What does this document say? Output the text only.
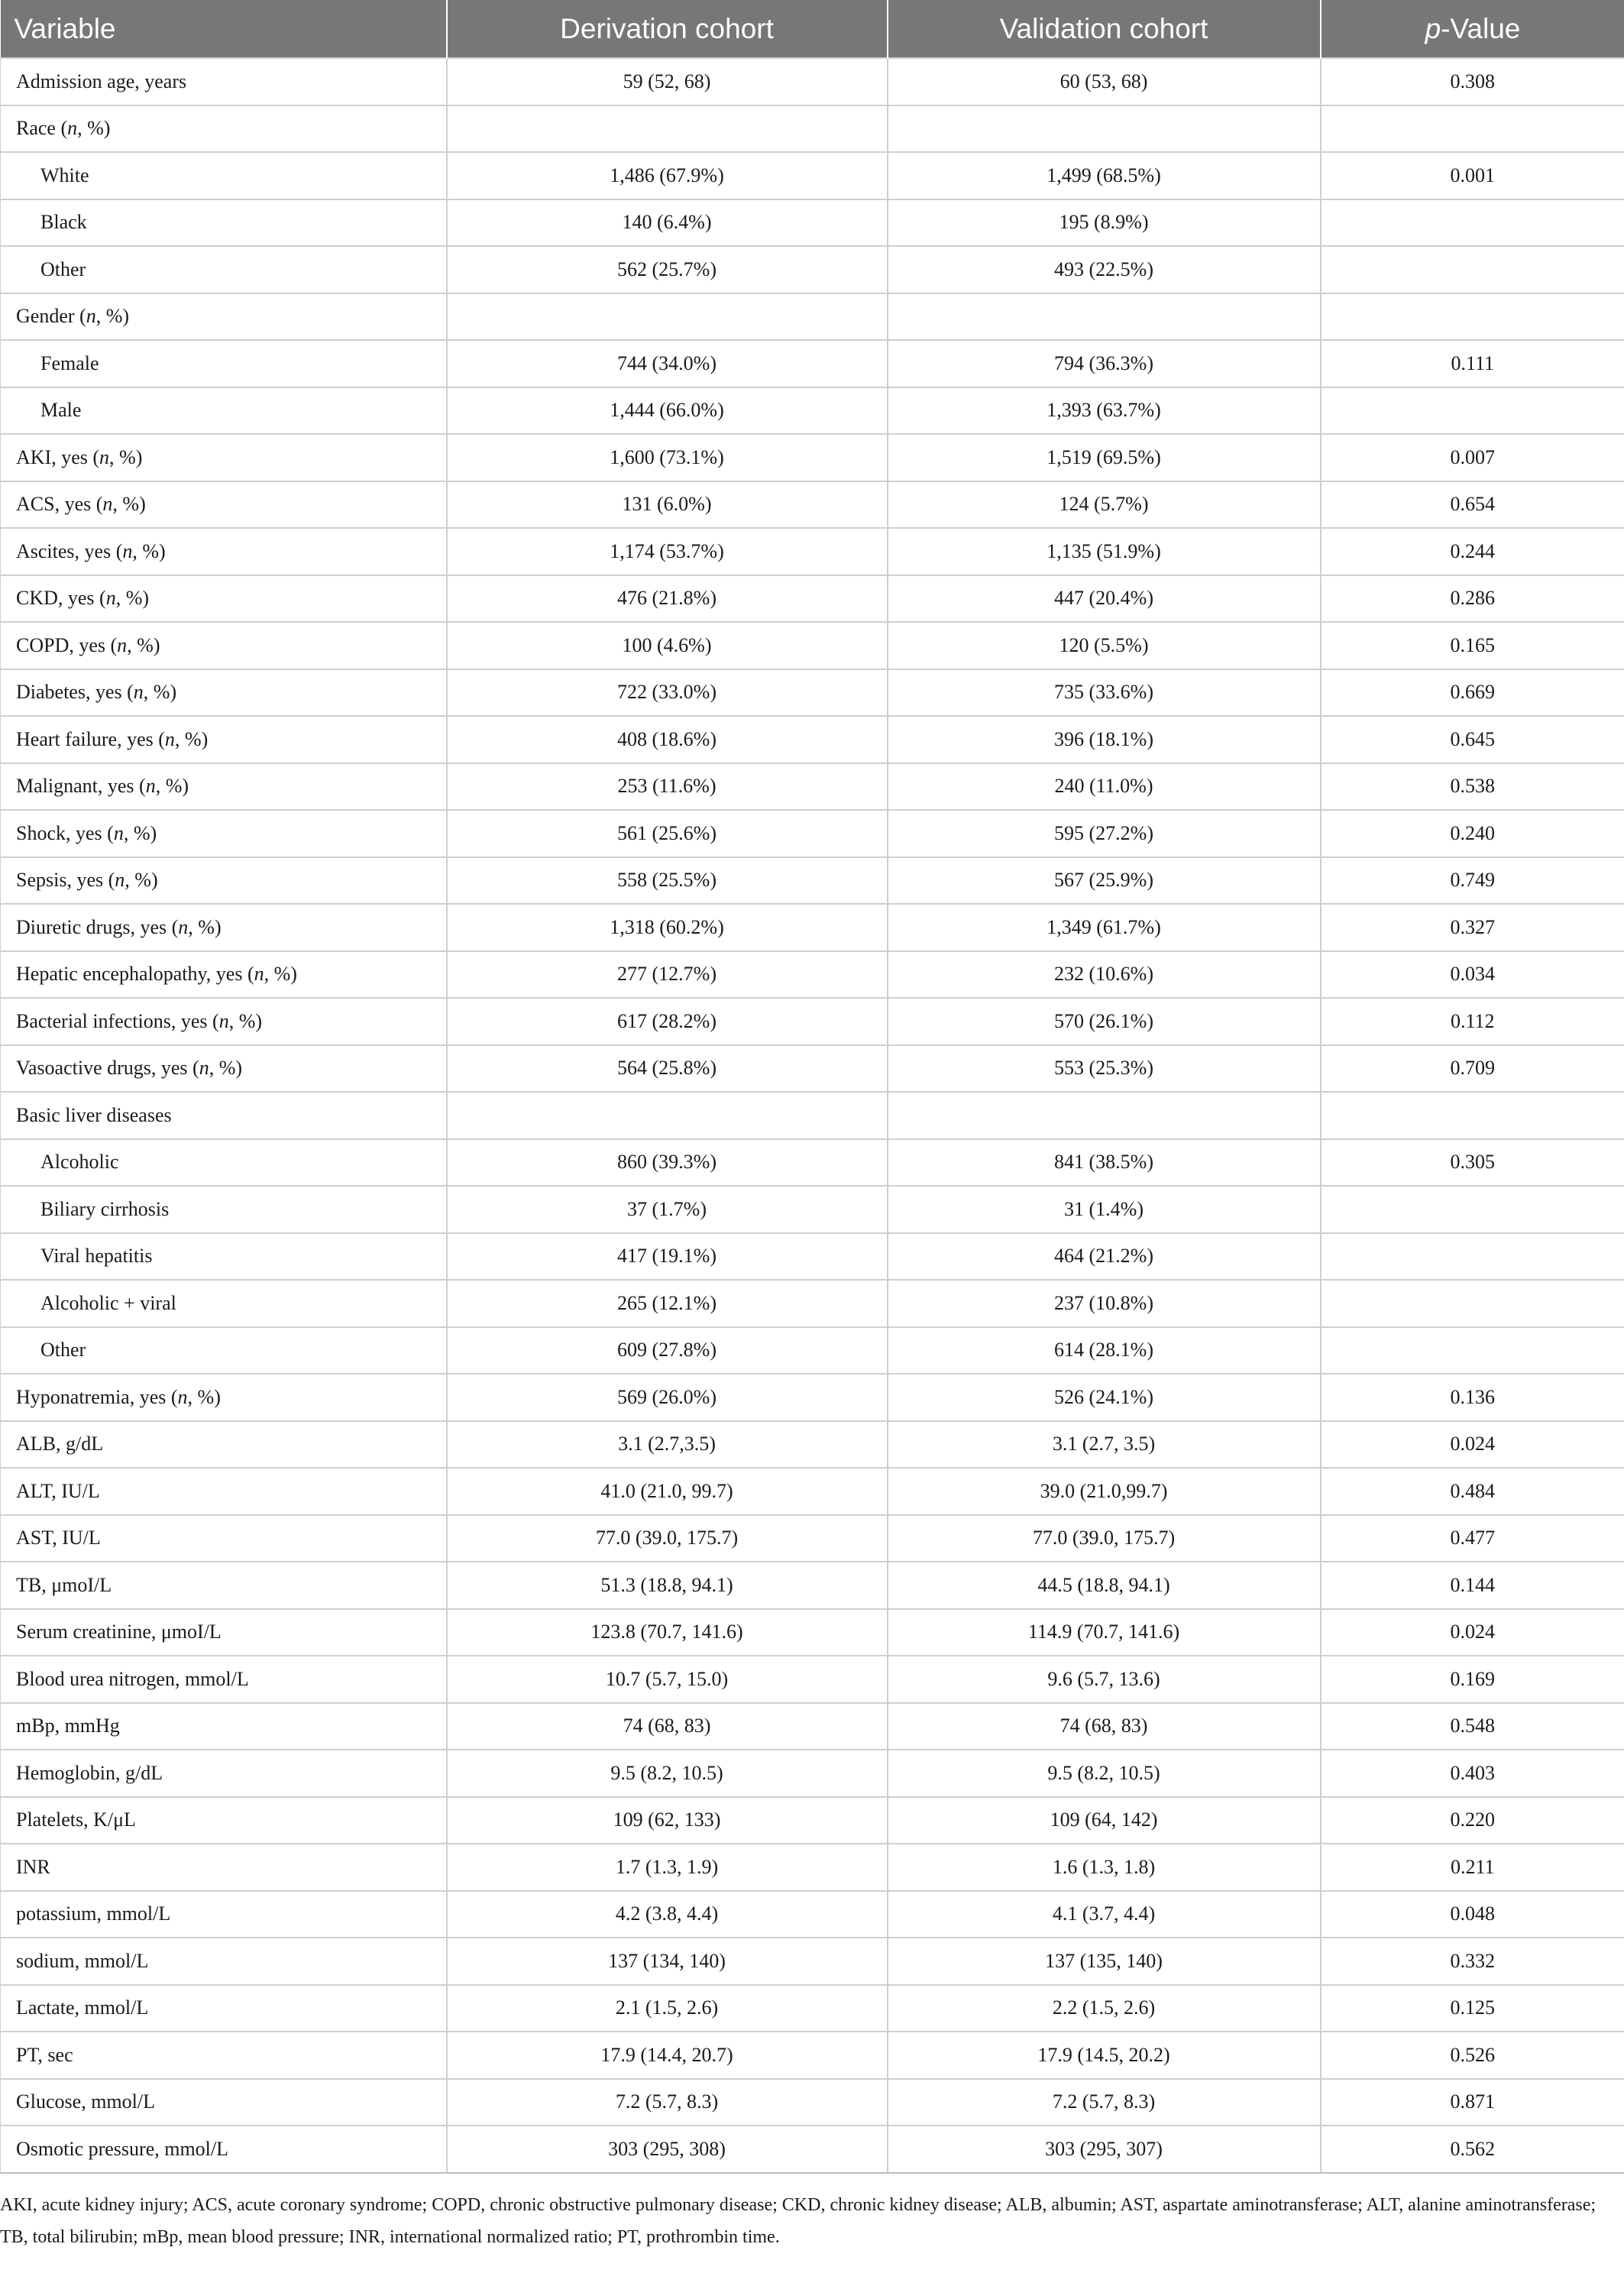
Variable	Derivation cohort	Validation cohort	p-Value
Admission age, years	59 (52, 68)	60 (53, 68)	0.308
Race (n, %)			
White	1,486 (67.9%)	1,499 (68.5%)	0.001
Black	140 (6.4%)	195 (8.9%)	
Other	562 (25.7%)	493 (22.5%)	
Gender (n, %)			
Female	744 (34.0%)	794 (36.3%)	0.111
Male	1,444 (66.0%)	1,393 (63.7%)	
AKI, yes (n, %)	1,600 (73.1%)	1,519 (69.5%)	0.007
ACS, yes (n, %)	131 (6.0%)	124 (5.7%)	0.654
Ascites, yes (n, %)	1,174 (53.7%)	1,135 (51.9%)	0.244
CKD, yes (n, %)	476 (21.8%)	447 (20.4%)	0.286
COPD, yes (n, %)	100 (4.6%)	120 (5.5%)	0.165
Diabetes, yes (n, %)	722 (33.0%)	735 (33.6%)	0.669
Heart failure, yes (n, %)	408 (18.6%)	396 (18.1%)	0.645
Malignant, yes (n, %)	253 (11.6%)	240 (11.0%)	0.538
Shock, yes (n, %)	561 (25.6%)	595 (27.2%)	0.240
Sepsis, yes (n, %)	558 (25.5%)	567 (25.9%)	0.749
Diuretic drugs, yes (n, %)	1,318 (60.2%)	1,349 (61.7%)	0.327
Hepatic encephalopathy, yes (n, %)	277 (12.7%)	232 (10.6%)	0.034
Bacterial infections, yes (n, %)	617 (28.2%)	570 (26.1%)	0.112
Vasoactive drugs, yes (n, %)	564 (25.8%)	553 (25.3%)	0.709
Basic liver diseases			
Alcoholic	860 (39.3%)	841 (38.5%)	0.305
Biliary cirrhosis	37 (1.7%)	31 (1.4%)	
Viral hepatitis	417 (19.1%)	464 (21.2%)	
Alcoholic + viral	265 (12.1%)	237 (10.8%)	
Other	609 (27.8%)	614 (28.1%)	
Hyponatremia, yes (n, %)	569 (26.0%)	526 (24.1%)	0.136
ALB, g/dL	3.1 (2.7,3.5)	3.1 (2.7, 3.5)	0.024
ALT, IU/L	41.0 (21.0, 99.7)	39.0 (21.0,99.7)	0.484
AST, IU/L	77.0 (39.0, 175.7)	77.0 (39.0, 175.7)	0.477
TB, μmoI/L	51.3 (18.8, 94.1)	44.5 (18.8, 94.1)	0.144
Serum creatinine, μmoI/L	123.8 (70.7, 141.6)	114.9 (70.7, 141.6)	0.024
Blood urea nitrogen, mmol/L	10.7 (5.7, 15.0)	9.6 (5.7, 13.6)	0.169
mBp, mmHg	74 (68, 83)	74 (68, 83)	0.548
Hemoglobin, g/dL	9.5 (8.2, 10.5)	9.5 (8.2, 10.5)	0.403
Platelets, K/μL	109 (62, 133)	109 (64, 142)	0.220
INR	1.7 (1.3, 1.9)	1.6 (1.3, 1.8)	0.211
potassium, mmol/L	4.2 (3.8, 4.4)	4.1 (3.7, 4.4)	0.048
sodium, mmol/L	137 (134, 140)	137 (135, 140)	0.332
Lactate, mmol/L	2.1 (1.5, 2.6)	2.2 (1.5, 2.6)	0.125
PT, sec	17.9 (14.4, 20.7)	17.9 (14.5, 20.2)	0.526
Glucose, mmol/L	7.2 (5.7, 8.3)	7.2 (5.7, 8.3)	0.871
Osmotic pressure, mmol/L	303 (295, 308)	303 (295, 307)	0.562
AKI, acute kidney injury; ACS, acute coronary syndrome; COPD, chronic obstructive pulmonary disease; CKD, chronic kidney disease; ALB, albumin; AST, aspartate aminotransferase; ALT, alanine aminotransferase; TB, total bilirubin; mBp, mean blood pressure; INR, international normalized ratio; PT, prothrombin time.
